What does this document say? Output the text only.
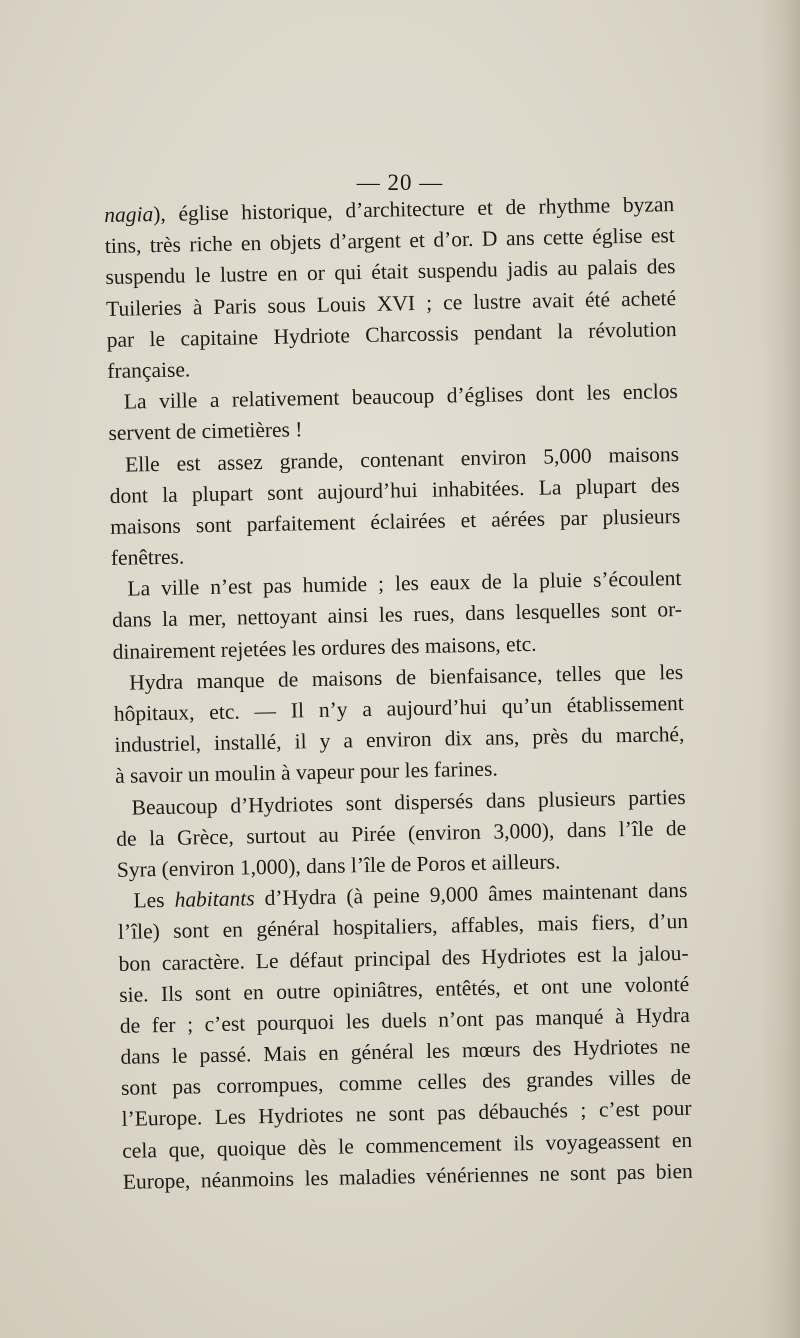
— 20 —
nagia), église historique, d’architecture et de rhythme byzan
tins, très riche en objets d’argent et d’or. D ans cette église est
suspendu le lustre en or qui était suspendu jadis au palais des
Tuileries à Paris sous Louis XVI ; ce lustre avait été acheté
par le capitaine Hydriote Charcossis pendant la révolution
française.
La ville a relativement beaucoup d’églises dont les enclos
servent de cimetières !
Elle est assez grande, contenant environ 5,000 maisons
dont la plupart sont aujourd’hui inhabitées. La plupart des
maisons sont parfaitement éclairées et aérées par plusieurs
fenêtres.
La ville n’est pas humide ; les eaux de la pluie s’écoulent
dans la mer, nettoyant ainsi les rues, dans lesquelles sont or-
dinairement rejetées les ordures des maisons, etc.
Hydra manque de maisons de bienfaisance, telles que les
hôpitaux, etc. — Il n’y a aujourd’hui qu’un établissement
industriel, installé, il y a environ dix ans, près du marché,
à savoir un moulin à vapeur pour les farines.
Beaucoup d’Hydriotes sont dispersés dans plusieurs parties
de la Grèce, surtout au Pirée (environ 3,000), dans l’île de
Syra (environ 1,000), dans l’île de Poros et ailleurs.
Les habitants d’Hydra (à peine 9,000 âmes maintenant dans
l’île) sont en général hospitaliers, affables, mais fiers, d’un
bon caractère. Le défaut principal des Hydriotes est la jalou-
sie. Ils sont en outre opiniâtres, entêtés, et ont une volonté
de fer ; c’est pourquoi les duels n’ont pas manqué à Hydra
dans le passé. Mais en général les mœurs des Hydriotes ne
sont pas corrompues, comme celles des grandes villes de
l’Europe. Les Hydriotes ne sont pas débauchés ; c’est pour
cela que, quoique dès le commencement ils voyageassent en
Europe, néanmoins les maladies vénériennes ne sont pas bien
